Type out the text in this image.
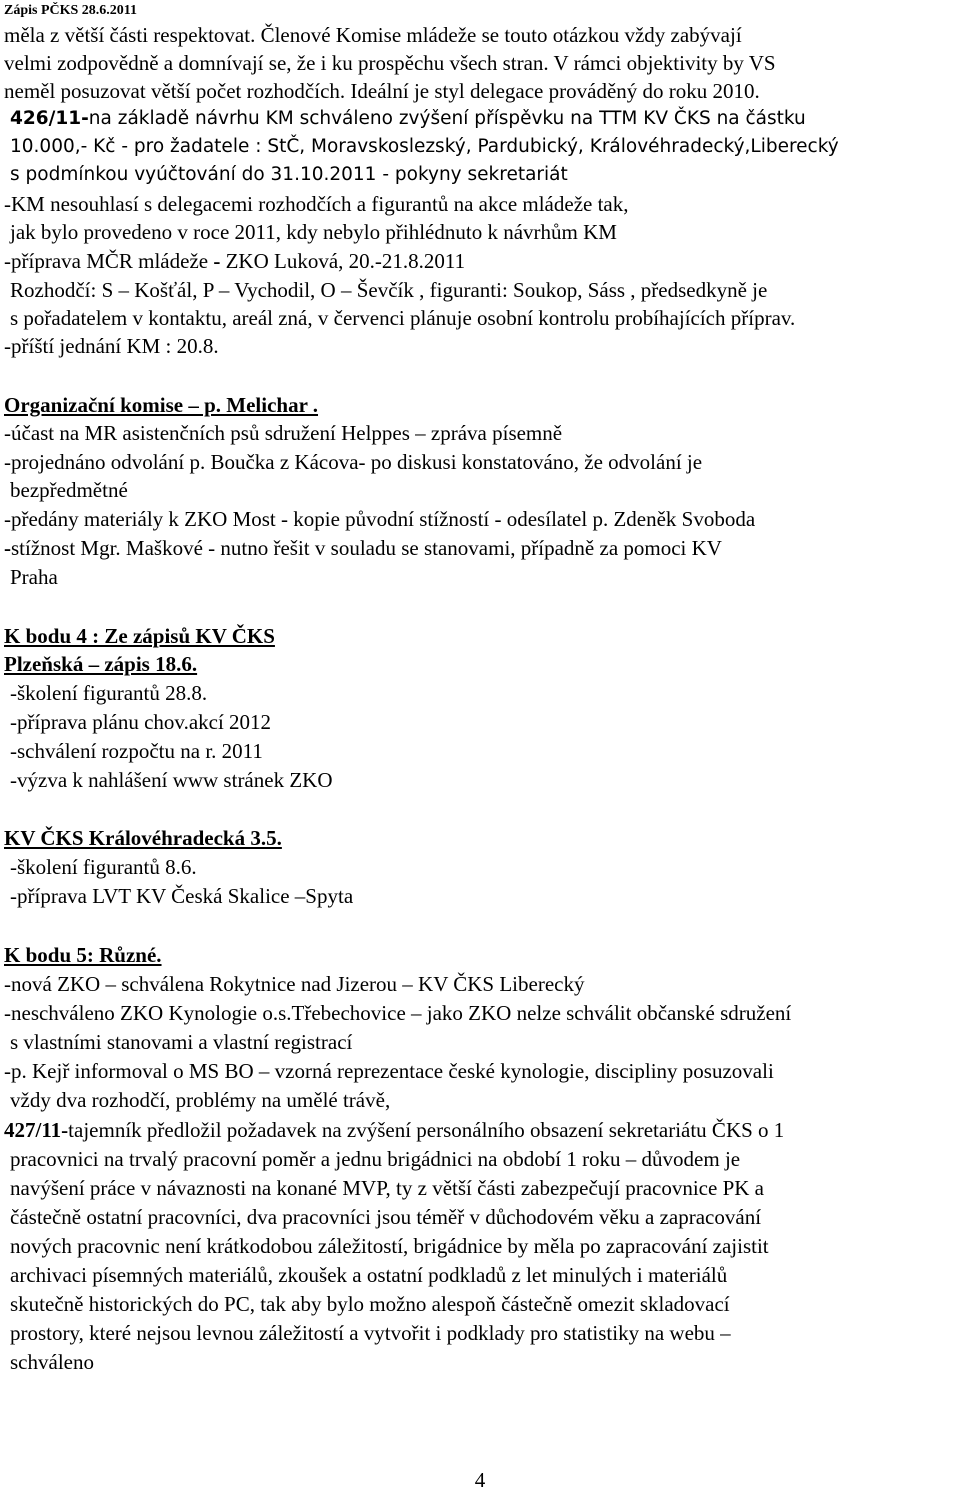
Zápis PČKS 28.6.2011
měla z větší části respektovat. Členové Komise mládeže se touto otázkou vždy zabývají
velmi zodpovědně a domnívají se, že i ku prospěchu všech stran. V rámci objektivity by VS
neměl posuzovat větší počet rozhodčích. Ideální je styl delegace prováděný do roku 2010.
426/11-na základě návrhu KM schváleno zvýšení příspěvku na TTM KV ČKS na částku
10.000,- Kč - pro žadatele : StČ, Moravskoslezský, Pardubický, Královéhradecký,Liberecký
s podmínkou vyúčtování do 31.10.2011 - pokyny sekretariát
-KM nesouhlasí s delegacemi rozhodčích a figurantů na akce mládeže tak,
jak bylo provedeno v roce 2011, kdy nebylo přihlédnuto k návrhům KM
-příprava MČR mládeže - ZKO Luková, 20.-21.8.2011
Rozhodčí: S – Košťál, P – Vychodil, O – Ševčík , figuranti: Soukop, Sáss , předsedkyně je
s pořadatelem v kontaktu, areál zná, v červenci plánuje osobní kontrolu probíhajících příprav.
-příští jednání KM : 20.8.
Organizační komise – p. Melichar .
-účast na MR asistenčních psů sdružení Helppes – zpráva písemně
-projednáno odvolání p. Boučka z Kácova- po diskusi konstatováno, že odvolání je
bezpředmětné
-předány materiály k ZKO Most - kopie původní stížností - odesílatel p. Zdeněk Svoboda
-stížnost Mgr. Maškové - nutno řešit v souladu se stanovami, případně za pomoci KV
Praha
K bodu 4 : Ze zápisů KV ČKS
Plzeňská – zápis 18.6.
-školení figurantů 28.8.
-příprava plánu chov.akcí 2012
-schválení rozpočtu na r. 2011
-výzva k nahlášení www stránek ZKO
KV ČKS Královéhradecká 3.5.
-školení figurantů 8.6.
-příprava LVT KV Česká Skalice –Spyta
K bodu 5: Různé.
-nová ZKO – schválena Rokytnice nad Jizerou – KV ČKS Liberecký
-neschváleno ZKO Kynologie o.s.Třebechovice – jako ZKO nelze schválit občanské sdružení
s vlastními stanovami a vlastní registrací
-p. Kejř informoval o MS BO – vzorná reprezentace české kynologie, discipliny posuzovali
vždy dva rozhodčí, problémy na umělé trávě,
427/11-tajemník předložil požadavek na zvýšení personálního obsazení sekretariátu ČKS o 1
pracovnici na trvalý pracovní poměr a jednu brigádnici na období 1 roku – důvodem je
navýšení práce v návaznosti na konané MVP, ty z větší části zabezpečují pracovnice PK a
částečně ostatní pracovníci, dva pracovníci jsou téměř v důchodovém věku a zapracování
nových pracovnic není krátkodobou záležitostí, brigádnice by měla po zapracování zajistit
archivaci písemných materiálů, zkoušek a ostatní podkladů z let minulých i materiálů
skutečně historických do PC, tak aby bylo možno alespoň částečně omezit skladovací
prostory, které nejsou levnou záležitostí a vytvořit i podklady pro statistiky na webu –
schváleno
4
